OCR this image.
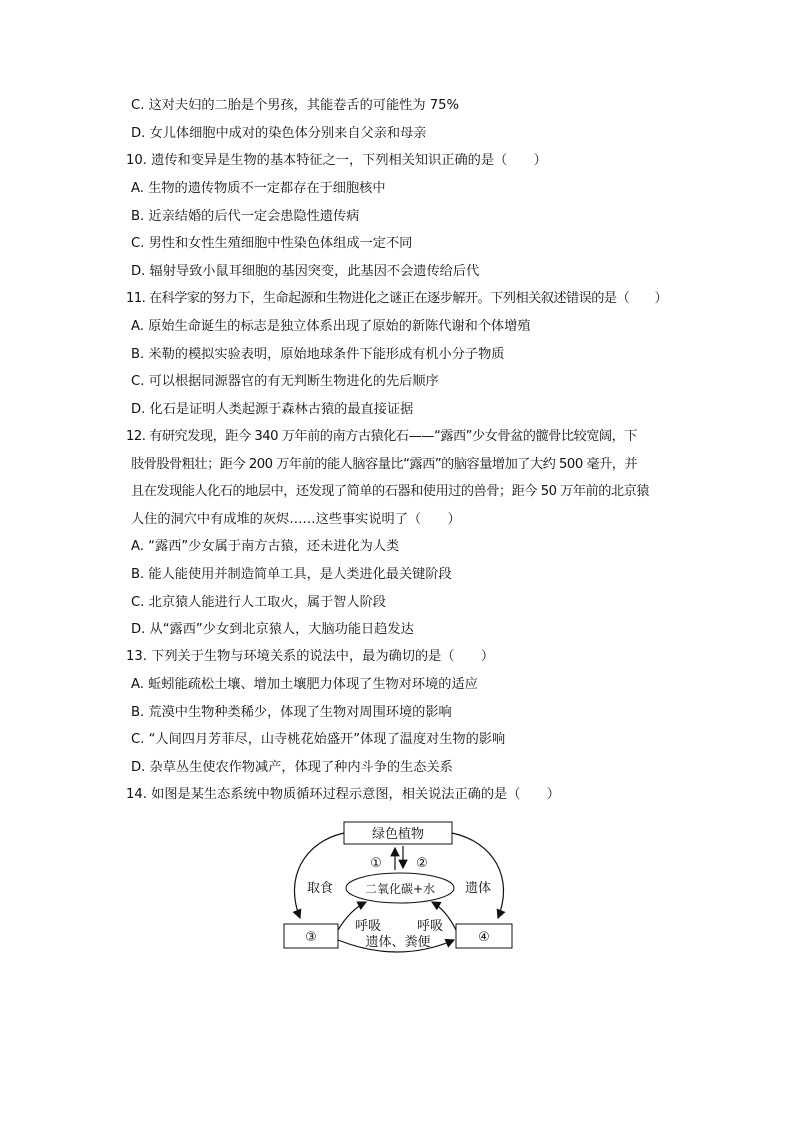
C. 这对夫妇的二胎是个男孩，其能卷舌的可能性为 75%
D. 女儿体细胞中成对的染色体分别来自父亲和母亲
10. 遗传和变异是生物的基本特征之一，下列相关知识正确的是（　　）
A. 生物的遗传物质不一定都存在于细胞核中
B. 近亲结婚的后代一定会患隐性遗传病
C. 男性和女性生殖细胞中性染色体组成一定不同
D. 辐射导致小鼠耳细胞的基因突变，此基因不会遗传给后代
11. 在科学家的努力下，生命起源和生物进化之谜正在逐步解开。下列相关叙述错误的是（　　）
A. 原始生命诞生的标志是独立体系出现了原始的新陈代谢和个体增殖
B. 米勒的模拟实验表明，原始地球条件下能形成有机小分子物质
C. 可以根据同源器官的有无判断生物进化的先后顺序
D. 化石是证明人类起源于森林古猿的最直接证据
12. 有研究发现，距今 340 万年前的南方古猿化石——“露西”少女骨盆的髋骨比较宽阔，下
肢骨股骨粗壮；距今 200 万年前的能人脑容量比“露西”的脑容量增加了大约 500 毫升，并
且在发现能人化石的地层中，还发现了简单的石器和使用过的兽骨；距今 50 万年前的北京猿
人住的洞穴中有成堆的灰烬……这些事实说明了（　　）
A. “露西”少女属于南方古猿，还未进化为人类
B. 能人能使用并制造简单工具，是人类进化最关键阶段
C. 北京猿人能进行人工取火，属于智人阶段
D. 从“露西”少女到北京猿人，大脑功能日趋发达
13. 下列关于生物与环境关系的说法中，最为确切的是（　　）
A. 蚯蚓能疏松土壤、增加土壤肥力体现了生物对环境的适应
B. 荒漠中生物种类稀少，体现了生物对周围环境的影响
C. “人间四月芳菲尽，山寺桃花始盛开”体现了温度对生物的影响
D. 杂草丛生使农作物减产，体现了种内斗争的生态关系
14. 如图是某生态系统中物质循环过程示意图，相关说法正确的是（　　）
绿色植物
①	②
二氧化碳+水
取食	遗体
③	④
呼吸	呼吸
遗体、粪便
